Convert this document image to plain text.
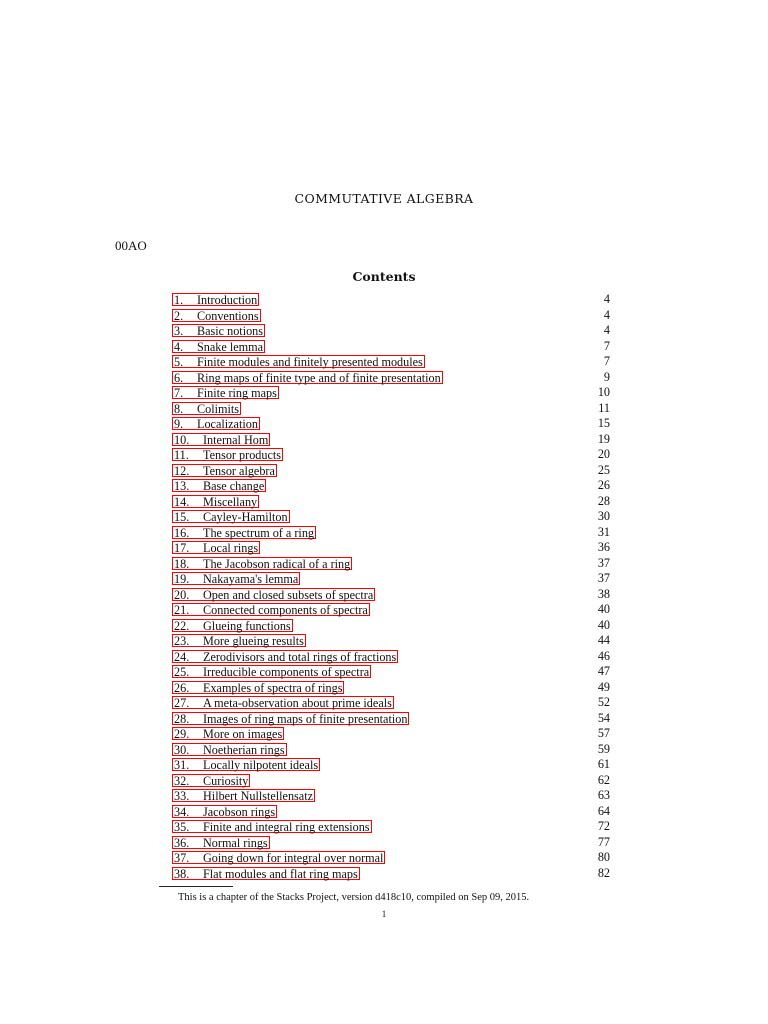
COMMUTATIVE ALGEBRA
00AO
Contents
1. Introduction	4
2. Conventions	4
3. Basic notions	4
4. Snake lemma	7
5. Finite modules and finitely presented modules	7
6. Ring maps of finite type and of finite presentation	9
7. Finite ring maps	10
8. Colimits	11
9. Localization	15
10. Internal Hom	19
11. Tensor products	20
12. Tensor algebra	25
13. Base change	26
14. Miscellany	28
15. Cayley-Hamilton	30
16. The spectrum of a ring	31
17. Local rings	36
18. The Jacobson radical of a ring	37
19. Nakayama's lemma	37
20. Open and closed subsets of spectra	38
21. Connected components of spectra	40
22. Glueing functions	40
23. More glueing results	44
24. Zerodivisors and total rings of fractions	46
25. Irreducible components of spectra	47
26. Examples of spectra of rings	49
27. A meta-observation about prime ideals	52
28. Images of ring maps of finite presentation	54
29. More on images	57
30. Noetherian rings	59
31. Locally nilpotent ideals	61
32. Curiosity	62
33. Hilbert Nullstellensatz	63
34. Jacobson rings	64
35. Finite and integral ring extensions	72
36. Normal rings	77
37. Going down for integral over normal	80
38. Flat modules and flat ring maps	82
This is a chapter of the Stacks Project, version d418c10, compiled on Sep 09, 2015.
1
